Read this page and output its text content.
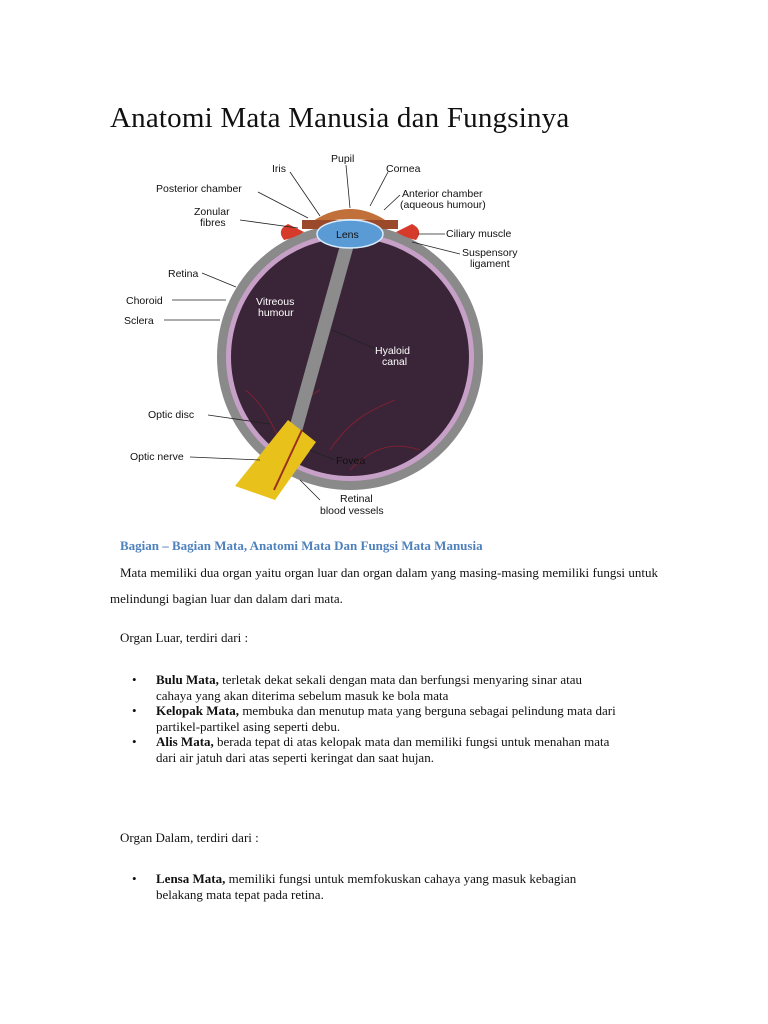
Anatomi Mata Manusia dan Fungsinya
Pupil
Iris	Cornea
Posterior chamber	Anterior chamber
(aqueous humour)
Zonular
fibres
Lens	Ciliary muscle
Suspensory
ligament
Retina
Choroid
Sclera
Vitreous
humour
Hyaloid
canal
Optic disc
Optic nerve	Fovea
Retinal
blood vessels
Bagian – Bagian Mata, Anatomi Mata Dan Fungsi Mata Manusia

Mata memiliki dua organ yaitu organ luar dan organ dalam yang masing-masing memiliki fungsi untuk melindungi bagian luar dan dalam dari mata.

Organ Luar, terdiri dari :

• Bulu Mata, terletak dekat sekali dengan mata dan berfungsi menyaring sinar atau
cahaya yang akan diterima sebelum masuk ke bola mata
• Kelopak Mata, membuka dan menutup mata yang berguna sebagai pelindung mata dari
partikel-partikel asing seperti debu.
• Alis Mata, berada tepat di atas kelopak mata dan memiliki fungsi untuk menahan mata
dari air jatuh dari atas seperti keringat dan saat hujan.

Organ Dalam, terdiri dari :

• Lensa Mata, memiliki fungsi untuk memfokuskan cahaya yang masuk kebagian
belakang mata tepat pada retina.
